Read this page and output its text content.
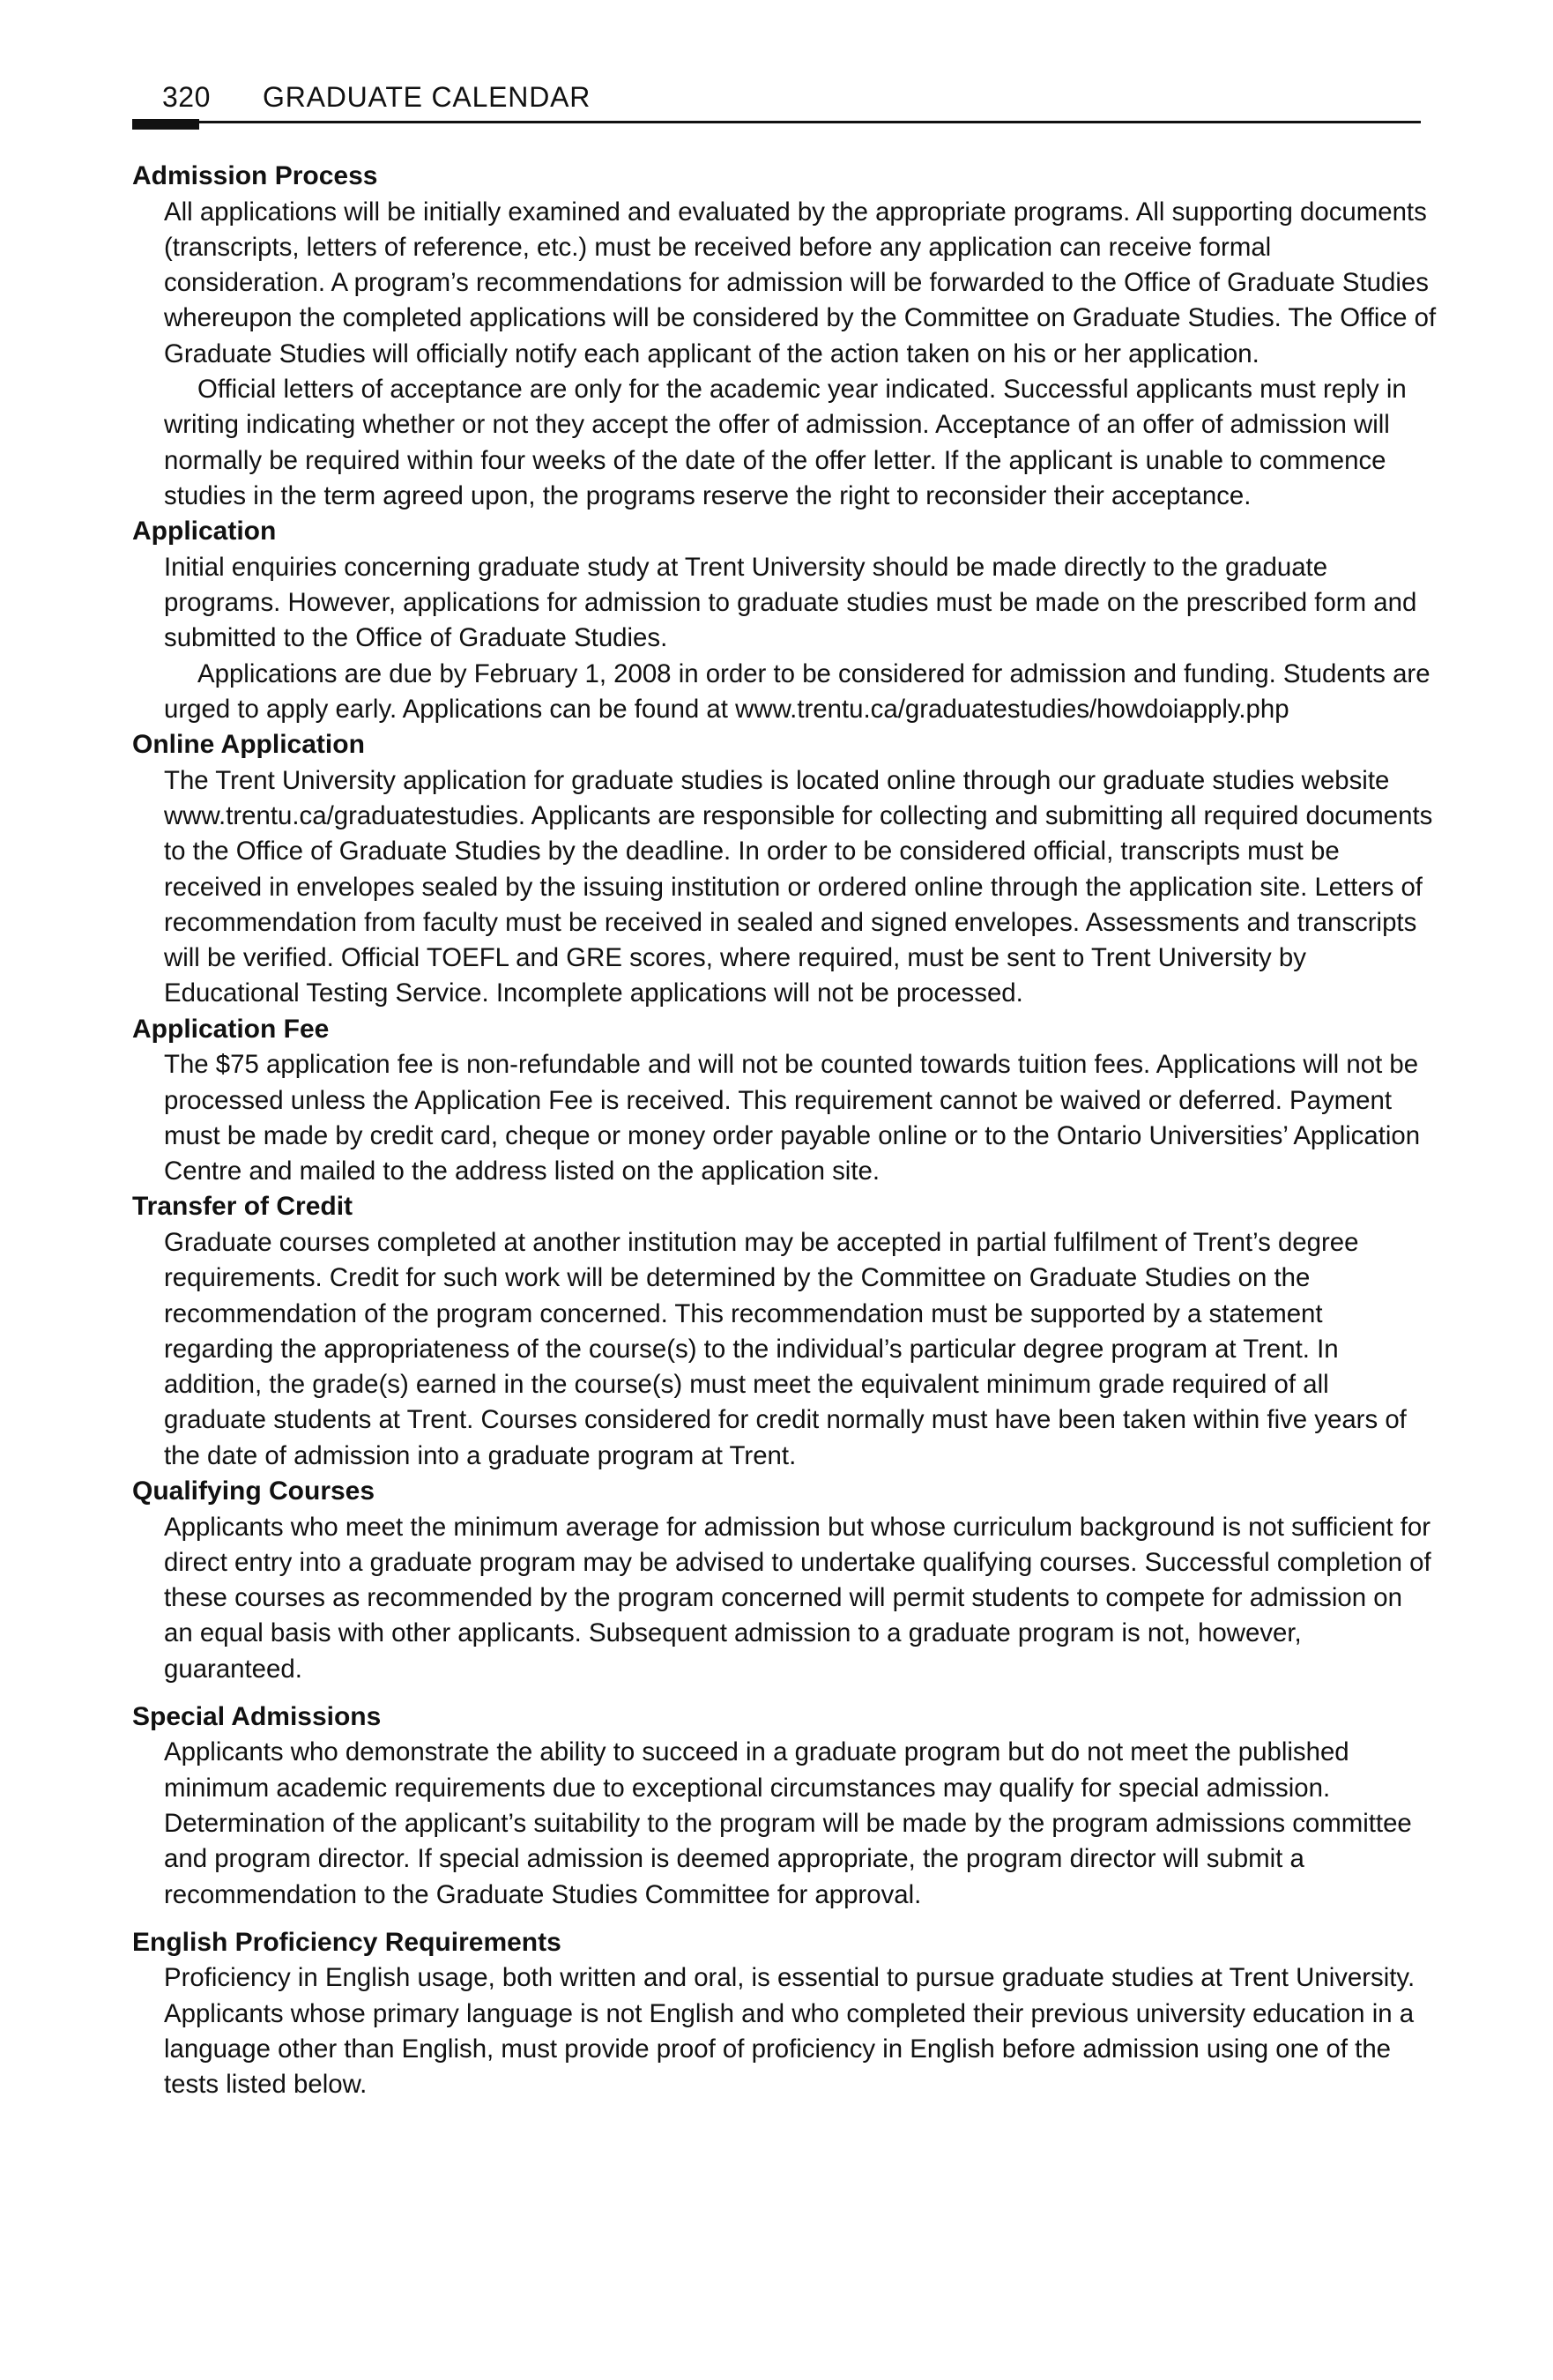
320 GRADUATE CALENDAR
Admission Process

All applications will be initially examined and evaluated by the appropriate programs. All supporting documents (transcripts, letters of reference, etc.) must be received before any application can receive formal consideration. A program’s recommendations for admission will be forwarded to the Office of Graduate Studies whereupon the completed applications will be considered by the Committee on Graduate Studies. The Office of Graduate Studies will officially notify each applicant of the action taken on his or her application.

Official letters of acceptance are only for the academic year indicated. Successful applicants must reply in writing indicating whether or not they accept the offer of admission. Acceptance of an offer of admission will normally be required within four weeks of the date of the offer letter. If the applicant is unable to commence studies in the term agreed upon, the programs reserve the right to reconsider their acceptance.

Application

Initial enquiries concerning graduate study at Trent University should be made directly to the graduate programs. However, applications for admission to graduate studies must be made on the prescribed form and submitted to the Office of Graduate Studies.

Applications are due by February 1, 2008 in order to be considered for admission and funding. Students are urged to apply early. Applications can be found at www.trentu.ca/graduatestudies/howdoiapply.php

Online Application

The Trent University application for graduate studies is located online through our graduate studies website www.trentu.ca/graduatestudies. Applicants are responsible for collecting and submitting all required documents to the Office of Graduate Studies by the deadline. In order to be considered official, transcripts must be received in envelopes sealed by the issuing institution or ordered online through the application site. Letters of recommendation from faculty must be received in sealed and signed envelopes. Assessments and transcripts will be verified. Official TOEFL and GRE scores, where required, must be sent to Trent University by Educational Testing Service. Incomplete applications will not be processed.

Application Fee

The $75 application fee is non-refundable and will not be counted towards tuition fees. Applications will not be processed unless the Application Fee is received. This requirement cannot be waived or deferred. Payment must be made by credit card, cheque or money order payable online or to the Ontario Universities’ Application Centre and mailed to the address listed on the application site.

Transfer of Credit

Graduate courses completed at another institution may be accepted in partial fulfilment of Trent’s degree requirements. Credit for such work will be determined by the Committee on Graduate Studies on the recommendation of the program concerned. This recommendation must be supported by a statement regarding the appropriateness of the course(s) to the individual’s particular degree program at Trent. In addition, the grade(s) earned in the course(s) must meet the equivalent minimum grade required of all graduate students at Trent. Courses considered for credit normally must have been taken within five years of the date of admission into a graduate program at Trent.

Qualifying Courses

Applicants who meet the minimum average for admission but whose curriculum background is not sufficient for direct entry into a graduate program may be advised to undertake qualifying courses. Successful completion of these courses as recommended by the program concerned will permit students to compete for admission on an equal basis with other applicants. Subsequent admission to a graduate program is not, however, guaranteed.

Special Admissions

Applicants who demonstrate the ability to succeed in a graduate program but do not meet the published minimum academic requirements due to exceptional circumstances may qualify for special admission. Determination of the applicant’s suitability to the program will be made by the program admissions committee and program director. If special admission is deemed appropriate, the program director will submit a recommendation to the Graduate Studies Committee for approval.

English Proficiency Requirements

Proficiency in English usage, both written and oral, is essential to pursue graduate studies at Trent University. Applicants whose primary language is not English and who completed their previous university education in a language other than English, must provide proof of proficiency in English before admission using one of the tests listed below.
